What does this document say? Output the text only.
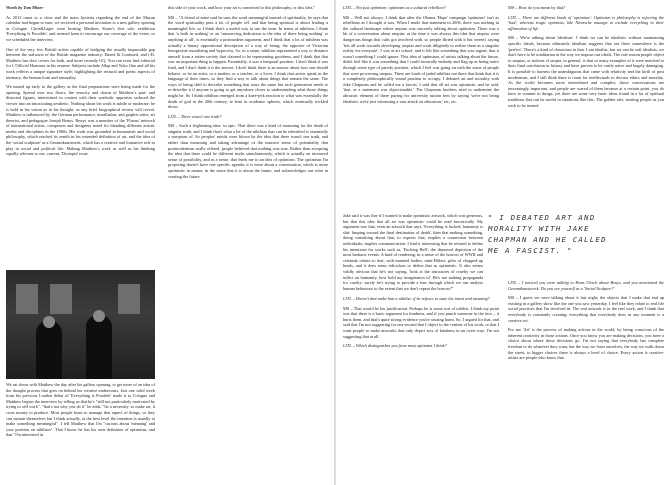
Words by Tom Miner

As 2012 came to a close and the mass hysteria regarding the end of the Mayan calendar had begun to ease, we received a personal invitation to a new gallery opening in Cologne. Chris&Lager were hosting Matthew Stone's first solo exhibition 'Everything Is Possible', and seemed keen to encourage our coverage of the event, so we scheduled the interview.

One of the very few British artists capable of bridging the usually impassable gap between the stalwarts of the British magazine industry; Dazed & Confused, and i-D, Matthew has shot covers for both, and more recently GQ. You can even find editorial for L'Officiel Hommes in his resume. Subjects include A$ap and Yoko Ono and all his work reflects a unique signature style; highlighting the textural and poetic aspects of intimacy, the human form and sensuality.

We turned up early to the gallery as the final preparations were being made for the opening. Spread over two floors, the veracity and charm of Matthew's part- and distorted figures, intertwined in context with their symbolic opposites seduced the viewer into an intoxicating aesthetic. Nothing about his work is subtle or moderate: he is bold in his vision as in his thought, as any brief biographical review will reveal. Matthew is influenced by, the German performance, installation, and graphic artist, art theorist, and pedagogue Joseph Beuys. Beuys was a member of the 'Fluxus' network of international artists, composers and designers noted for blending different artistic media and disciplines in the 1960s. His work was grounded in humanistic and social philosophy, which reached its zenith in his extended definition of art, and the idea of the 'social sculpture' as a Gesamtkunstwerk, which has a creative and formative role to play in social and political life. Making Matthew's work as well as his thinking equally relevant to our, current, 'Dystopia' issue.

We sat down with Matthew the day after his gallery opening, to get more of an idea of the thought process that goes on behind his creative endeavours. Just one solid week from his previous London debut of 'Everything is Possible' made it to Cologne and Matthew begins the interview by telling us that he's "still not particularly motivated by trying to sell work", "that's not why you do it" he adds. "Its a necessity: to make art, it costs money to produce. Most people learn to manage that aspect of things, so they can sustain themselves but I think actually, at the best level the intention is usually to make something meaningful". I tell Matthew that I'm "curious about 'meaning' and your position on nihilism". That I know he has his own definition of optimism, and that "I'm interested in

this side of your work, and how your art is connected to this philosophy, or this idea."

MS – "A friend of mine said he uses the word meaningful instead of spirituality, he says that the word spirituality puts a lot of people off, and that being spiritual is about leading a meaningful life, so I think that's a useful way to use the term. In terms of nihilism, I think that 'a faith in nothing' or an 'unswerving dedication to the idea of there being nothing' to anything at all', is essentially a postmodern argument, and I think that a lot of nihilism was actually a binary oppositional description of a way of being; the opposite of Victorian bourgeoisie moralizing and hypocrisy. So, in a sense, nihilism represented a way to distance oneself from a rotten society that claimed to be representing goodness, and I think that that was an important thing to happen. Essentially, it was a temporal position. I don't think it was final, and I don't think it is the answer. I don't think there is an answer about how one should behave, or be an artist, or a mother, or a teacher, or a lover. I think that artists speak in the language of their times, so they find a way to talk about things that remain the same. The ways of being shift to describe something that stays the same but each generation needs to re-describe it if anyone is going to get anywhere closer to understanding what those things might be. So I think nihilism emerged from a knee-jerk reaction to what was essentially the death of god in the 20th century, at least in academic spheres, which eventually trickled down.

LITL – There wasn't one truth?

MS – Such a frightening idea: so epic. That there was a kind of mourning for the death of singular truth, and I think that's what a lot of the nihilism that can be identified is essentially a symptom of. So peoples' minds were blown by the idea that there wasn't one truth, and rather than mourning and taking advantage of the massive sense of potentiality that postmodernism really offered, people believed that nothing was true. Rather than accepting the idea that there could be different truths simultaneously, which is actually an increased sense of possibility, and in a sense, that leads me to an idea of optimism. The optimism I'm proposing doesn't have one specific agenda; it is more about a conversation, which is more optimistic in nature, in the sense that it is about the future, and acknowledges our roles in creating the future.

LITL – Not just optimism: optimism as a cultural rebellion?

MS – Well not always. I think that after the Obama 'Hope' campaign 'optimism' isn't as rebellious as I thought it was. When I made that statement in 2006, there was nothing in the cultural landscape where anyone was sincerely talking about optimism. There was a bit of a conversation about utopias: at the time it was always this idea that utopias were dangerous things that cults got involved with, so people flirted with it but weren't saying 'lets all work towards developing utopias and work diligently to realise them as a singular reality for everyone'. I was at art school, and it felt like something that was urgent; that it wasn't something I could ignore. This idea of optimism, of artists talking about the future, didn't feel like it was something that I could ironically embody and flag up as being naive through some type of parody position, which I feel was going on with the some of people that were processing utopias. There are loads of jaded nihilists out there that think that it is a completely philosophically sound position to occupy. I debated art and morality with Jake Chapman and he called me a fascist. I said that all art was optimistic and he said, 'that, as a statement was objectionable.' The Chapman brothers tried to undermine the altruistic element of there paying for university tuition fees by saying 'we're not being idealistic we're just witnessing a vast attack on education,' etc, etc.

Jake said it was fine if I wanted to make optimistic artwork, which was generous, but that this idea that all art was optimistic could be read fascistically. My argument was that, even an artwork that says, 'Everything is fucked, humanity is shit: limping toward the final destination of death', then that making something, doing something about that, to express that, implies a connection between individuals; implies communication. I find it interesting that he refused to define his intentions for works such as, 'Fucking Hell'; the depraved depiction of the most barbaric events. A kind of rendering, in a sense of the horrors of WWII and certainly relates to that; with mutated bodies, mini-Hitlers, piles of chopped-up heads, and it does seem ridiculous to define that as optimistic. It also seems wildly obvious that he's not saying, 'look at the intricacies of cruelty we can inflict on humanity, how bold my imagination is!' He's not making propaganda for cruelty: surely he's trying to provide a lens through which we can analyse human behaviour to the extent that we don't repeat the horrors?"

LITL – Doesn't that make him a nihilist: if he refuses to state his intent and meaning?

MS – That would be his justification. Perhaps he is some sort of nihilist. I think my point was that there is a basic argument for kindness, and if you punch someone in the face – it hurts them, and that's quite strong evidence you're causing harm. So, I argued for that, and said that I'm not suggesting for one second that I object to the content of his work, or that I want people to make artworks that only depict acts of kindness in an overt way; I'm not suggesting that at all.

LITL – Which distinguishes you from most optimists I think?

MS – How do you mean by that?

LITL – There are different kinds of 'optimism': Optimism is philosophy is rejecting the 'bad', whereas tragic optimists, like Nietzsche manage to include everything in their affirmation of life.

MS – We're talking about 'idealism'. I think we can be idealistic without maintaining specific ideals, because ultimately idealism suggests that out there somewhere is the 'perfect'. There's a kind of classicism in that. I am idealist, but we can be soft idealists, we don't have to be totalitarian in the way we impose our ideals. The real reason people object to utopias, or notions of utopia, in general, is that so many examples of it were matched to their final conclusion in history and have proven to be vastly naive and hugely damaging. It is possible to harness the unambiguous that came with relativity and the birth of post modernism, and I still think there is room for intellectuals to discuss ethics and morality. As the world becomes more interrelated and complex, those conversations are increasingly important, and people are scared of them because at a certain point, you do have to commit to things, yet there are some very basic ideas found in a lot of spiritual traditions that can be useful in situations like this. The golden rule, treating people as you wish to be treated.

LITL – I noticed you were talking to Hans Ulrich about Beuys, and you mentioned the Gesamtkunstwerk. Do you see yourself as a 'Social Sculptor?'

MS – I guess we were talking about it last night; the objects that I make that end up existing in a gallery show like the one you saw yesterday. I feel like they relate to real life social practices that I'm involved in. The real artwork is in the real work, and I think that everybody is constantly creating; everything that everybody does in any moment is a creative act.

For me 'Art' is the process of making actions in the world, by being conscious of the inherent creativity in those actions. Once you know you are making decisions, you have a choice about where those decisions go. I'm not saying that everybody has complete freedom to do whatever they want, but the way we form ourselves, the way we walk down the street, to bigger choices there is always a level of choice. Every action is creative: artists are people who know that.

" I DEBATED ART AND MORALITY WITH JAKE CHAPMAN AND HE CALLED ME A FASCIST. "
